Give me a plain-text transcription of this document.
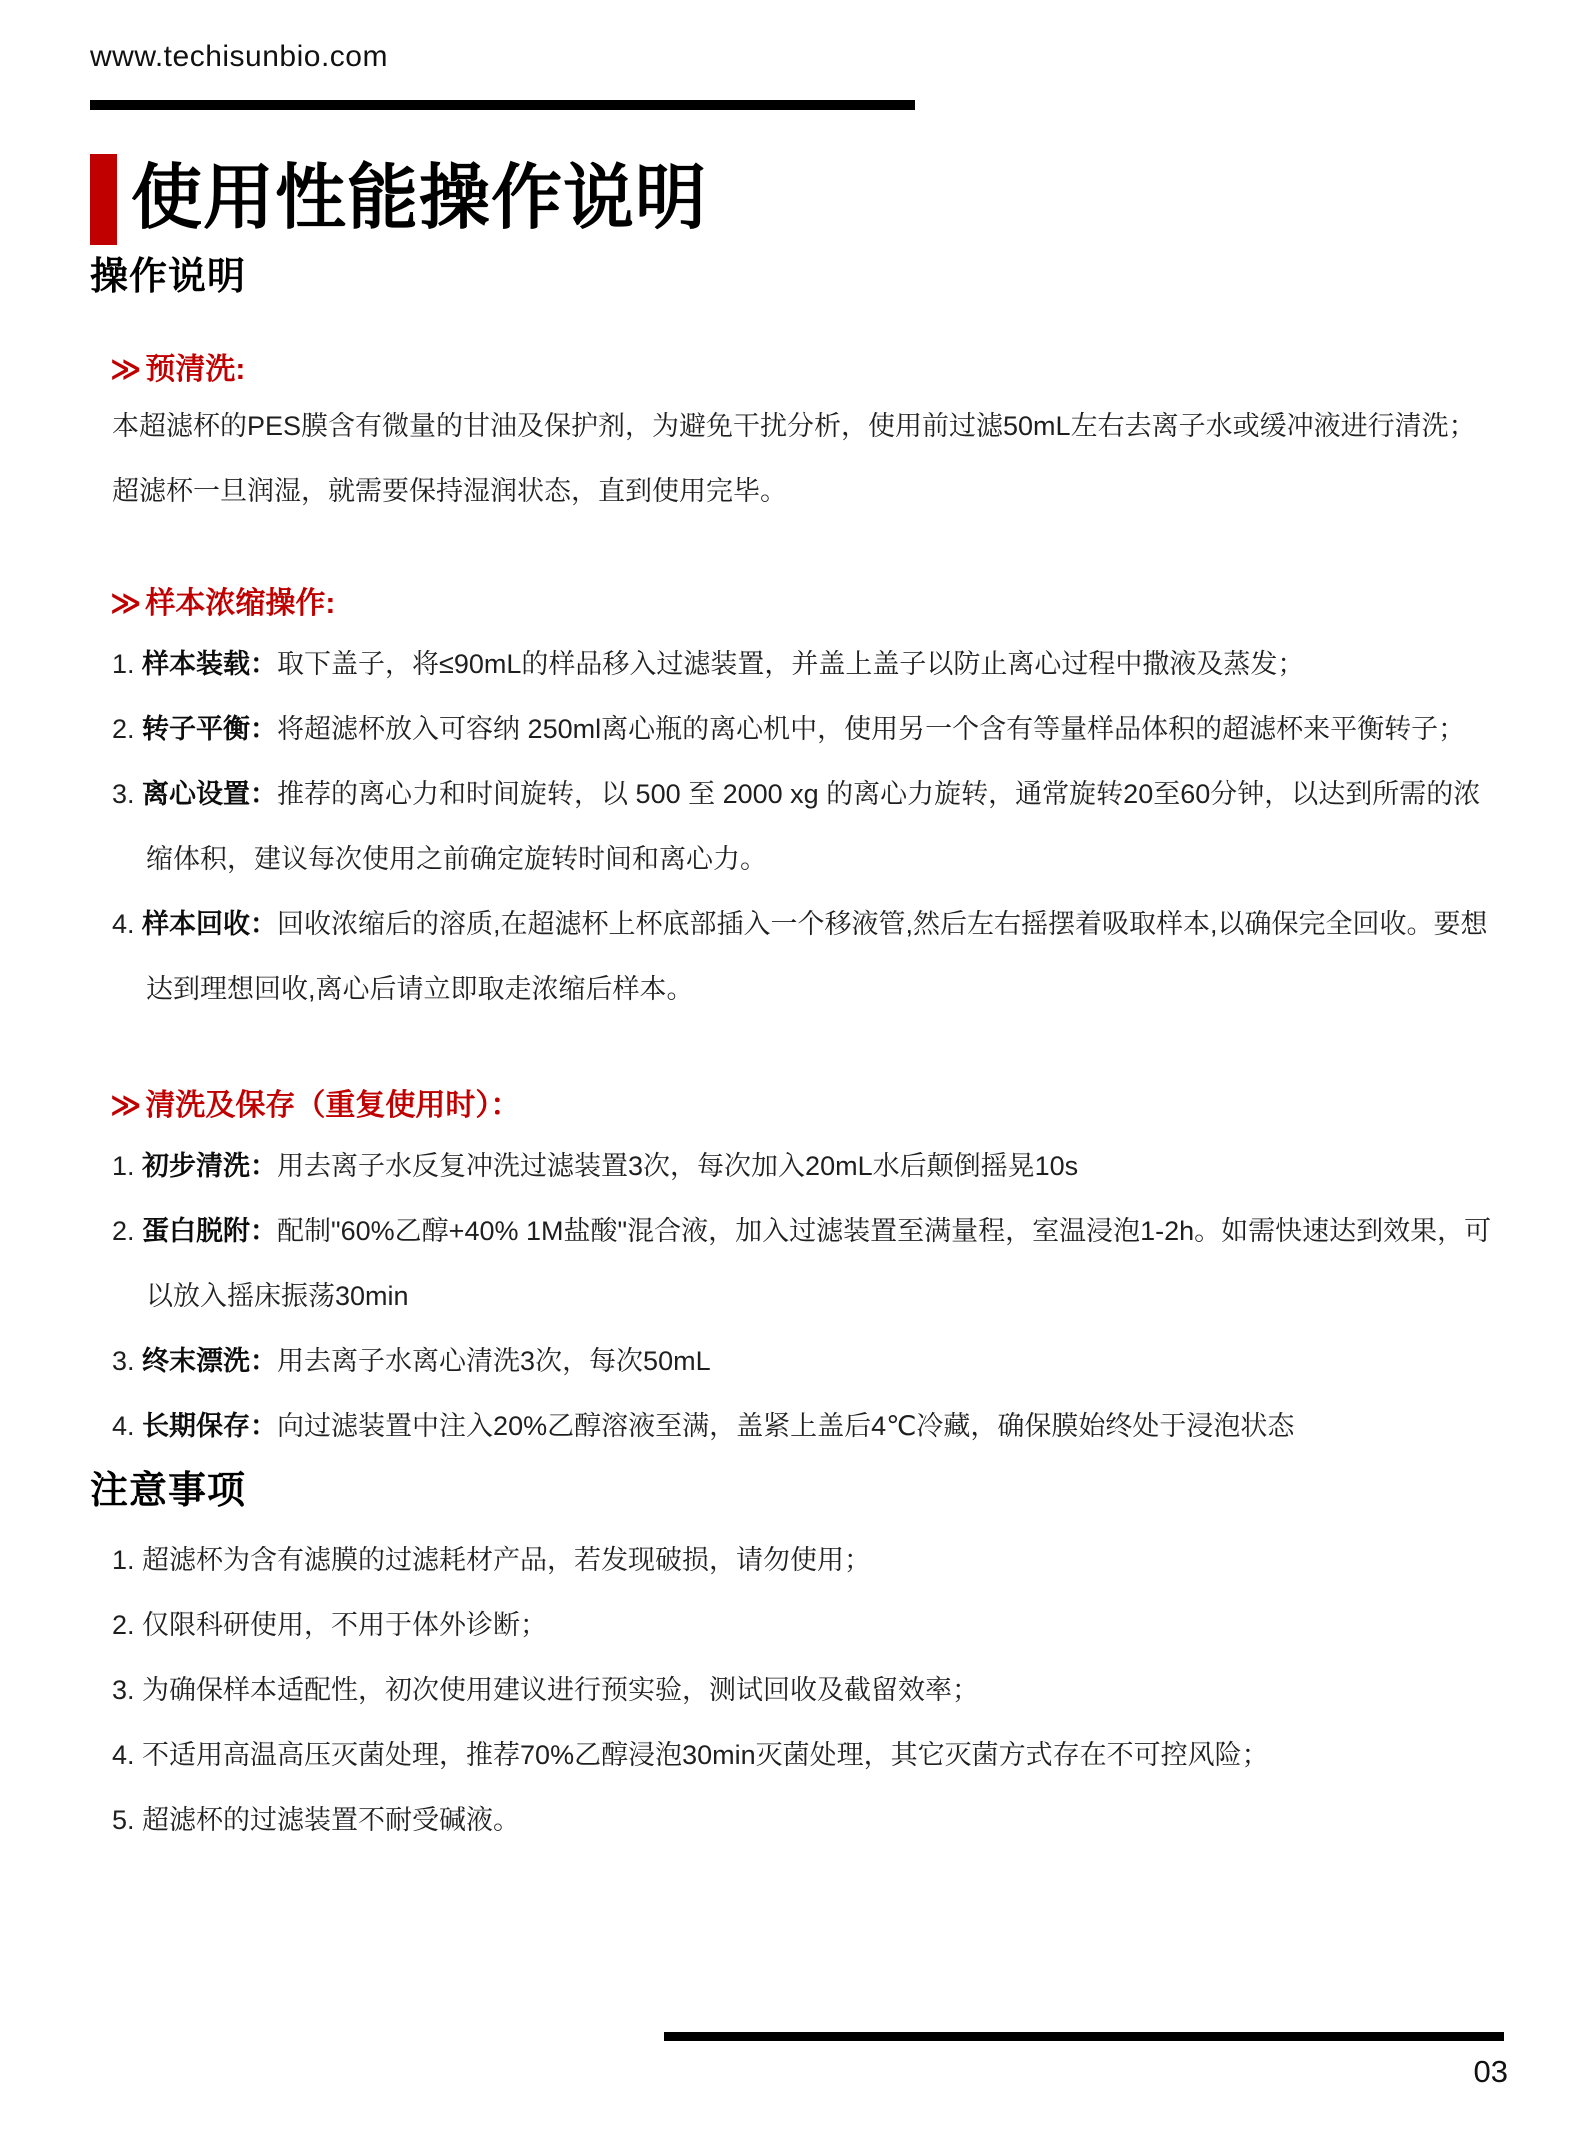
www.techisunbio.com
使用性能操作说明
操作说明
≫ 预清洗:
本超滤杯的PES膜含有微量的甘油及保护剂，为避免干扰分析，使用前过滤50mL左右去离子水或缓冲液进行清洗；　 超滤杯一旦润湿，就需要保持湿润状态，直到使用完毕。
≫ 样本浓缩操作:
1. 样本装载：取下盖子，将≤90mL的样品移入过滤装置，并盖上盖子以防止离心过程中撒液及蒸发；
2. 转子平衡：将超滤杯放入可容纳 250ml离心瓶的离心机中，使用另一个含有等量样品体积的超滤杯来平衡转子；
3. 离心设置：推荐的离心力和时间旋转，以 500 至 2000 xg 的离心力旋转，通常旋转20至60分钟，以达到所需的浓缩体积，建议每次使用之前确定旋转时间和离心力。
4. 样本回收：回收浓缩后的溶质,在超滤杯上杯底部插入一个移液管,然后左右摇摆着吸取样本,以确保完全回收。要想达到理想回收,离心后请立即取走浓缩后样本。
≫ 清洗及保存（重复使用时）：
1. 初步清洗：用去离子水反复冲洗过滤装置3次，每次加入20mL水后颠倒摇晃10s
2. 蛋白脱附：配制"60%乙醇+40% 1M盐酸"混合液，加入过滤装置至满量程，室温浸泡1-2h。如需快速达到效果，可以放入摇床振荡30min
3. 终末漂洗：用去离子水离心清洗3次，每次50mL
4. 长期保存：向过滤装置中注入20%乙醇溶液至满，盖紧上盖后4℃冷藏，确保膜始终处于浸泡状态
注意事项
1. 超滤杯为含有滤膜的过滤耗材产品，若发现破损，请勿使用；
2. 仅限科研使用，不用于体外诊断；
3. 为确保样本适配性，初次使用建议进行预实验，测试回收及截留效率；
4. 不适用高温高压灭菌处理，推荐70%乙醇浸泡30min灭菌处理，其它灭菌方式存在不可控风险；
5. 超滤杯的过滤装置不耐受碱液。
03
